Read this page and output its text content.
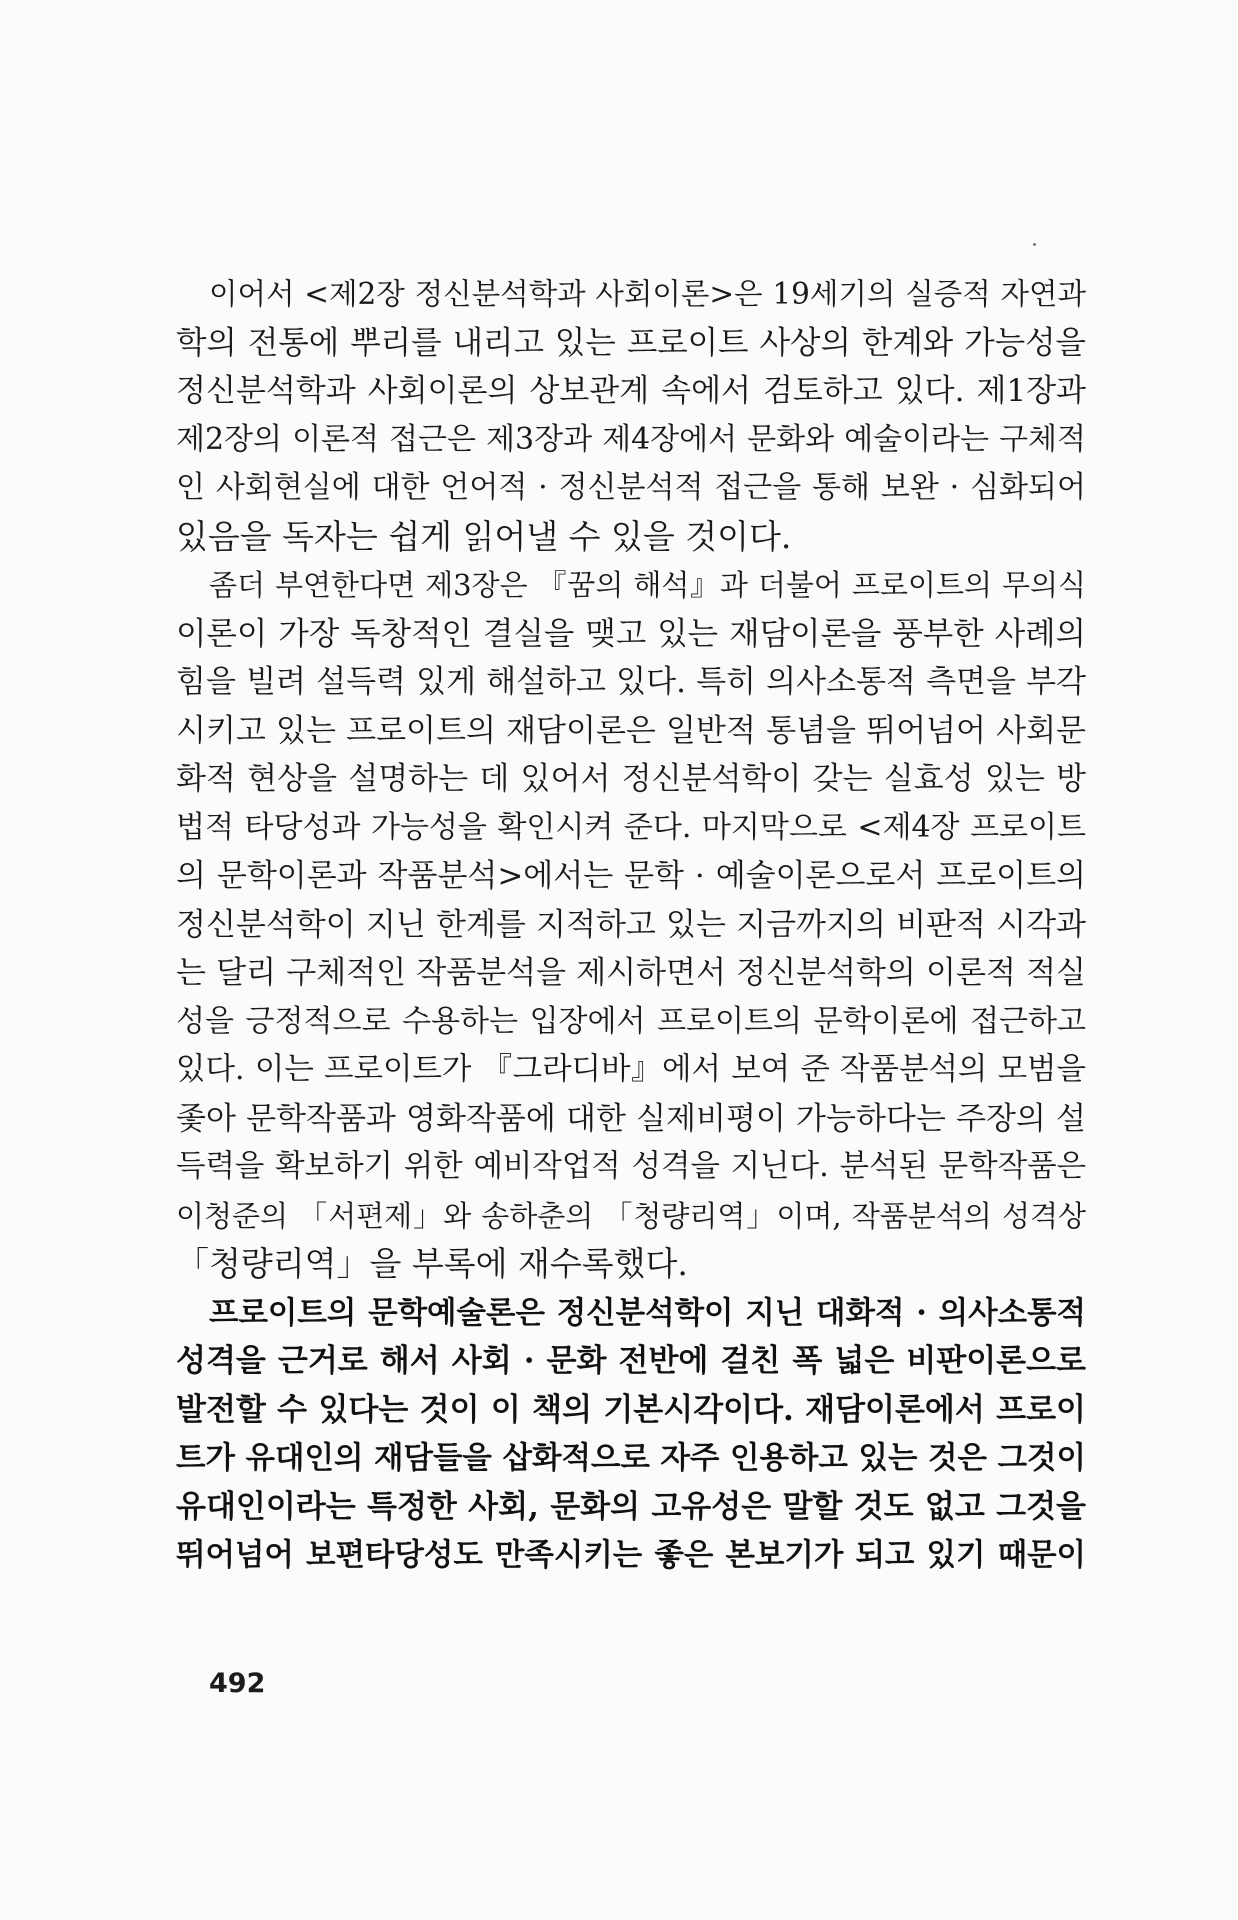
이어서 <제2장 정신분석학과 사회이론>은 19세기의 실증적 자연과
학의 전통에 뿌리를 내리고 있는 프로이트 사상의 한계와 가능성을
정신분석학과 사회이론의 상보관계 속에서 검토하고 있다. 제1장과
제2장의 이론적 접근은 제3장과 제4장에서 문화와 예술이라는 구체적
인 사회현실에 대한 언어적 · 정신분석적 접근을 통해 보완 · 심화되어
있음을 독자는 쉽게 읽어낼 수 있을 것이다.
좀더 부연한다면 제3장은 『꿈의 해석』과 더불어 프로이트의 무의식
이론이 가장 독창적인 결실을 맺고 있는 재담이론을 풍부한 사례의
힘을 빌려 설득력 있게 해설하고 있다. 특히 의사소통적 측면을 부각
시키고 있는 프로이트의 재담이론은 일반적 통념을 뛰어넘어 사회문
화적 현상을 설명하는 데 있어서 정신분석학이 갖는 실효성 있는 방
법적 타당성과 가능성을 확인시켜 준다. 마지막으로 <제4장 프로이트
의 문학이론과 작품분석>에서는 문학 · 예술이론으로서 프로이트의
정신분석학이 지닌 한계를 지적하고 있는 지금까지의 비판적 시각과
는 달리 구체적인 작품분석을 제시하면서 정신분석학의 이론적 적실
성을 긍정적으로 수용하는 입장에서 프로이트의 문학이론에 접근하고
있다. 이는 프로이트가 『그라디바』에서 보여 준 작품분석의 모범을
좇아 문학작품과 영화작품에 대한 실제비평이 가능하다는 주장의 설
득력을 확보하기 위한 예비작업적 성격을 지닌다. 분석된 문학작품은
이청준의 「서편제」와 송하춘의 「청량리역」이며, 작품분석의 성격상
「청량리역」을 부록에 재수록했다.
프로이트의 문학예술론은 정신분석학이 지닌 대화적 · 의사소통적
성격을 근거로 해서 사회 · 문화 전반에 걸친 폭 넓은 비판이론으로
발전할 수 있다는 것이 이 책의 기본시각이다. 재담이론에서 프로이
트가 유대인의 재담들을 삽화적으로 자주 인용하고 있는 것은 그것이
유대인이라는 특정한 사회, 문화의 고유성은 말할 것도 없고 그것을
뛰어넘어 보편타당성도 만족시키는 좋은 본보기가 되고 있기 때문이
492
